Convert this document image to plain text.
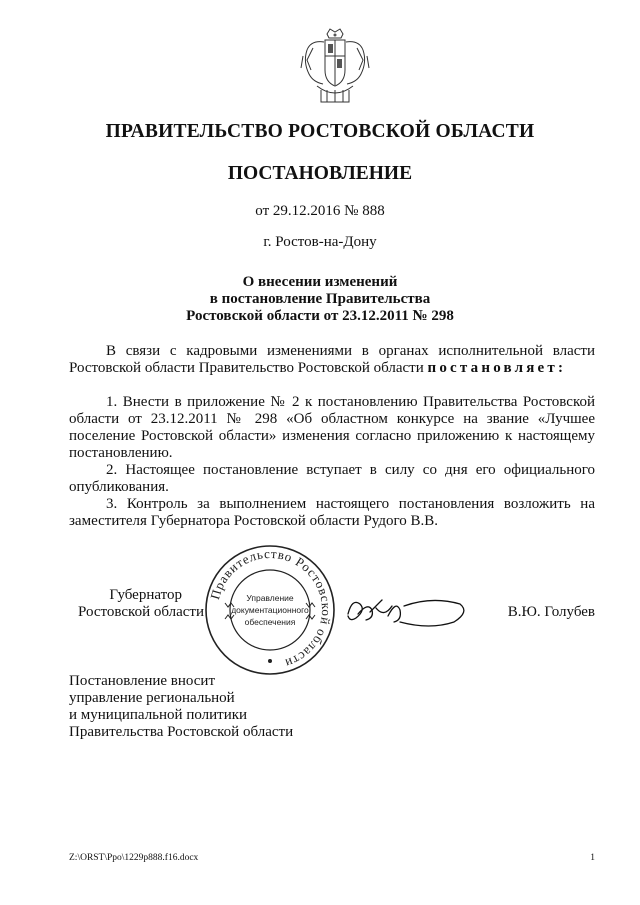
ПРАВИТЕЛЬСТВО РОСТОВСКОЙ ОБЛАСТИ
ПОСТАНОВЛЕНИЕ
от 29.12.2016 № 888
г. Ростов-на-Дону
О внесении изменений
в постановление Правительства
Ростовской области от 23.12.2011 № 298
В связи с кадровыми изменениями в органах исполнительной власти Ростовской области Правительство Ростовской области постановляет:
1. Внести в приложение № 2 к постановлению Правительства Ростовской области от 23.12.2011 № 298 «Об областном конкурсе на звание «Лучшее поселение Ростовской области» изменения согласно приложению к настоящему постановлению.
2. Настоящее постановление вступает в силу со дня его официального опубликования.
3. Контроль за выполнением настоящего постановления возложить на заместителя Губернатора Ростовской области Рудого В.В.
Губернатор
Ростовской области
Правительство Ростовской области
Управление
документационного
обеспечения
В.Ю. Голубев
Постановление вносит
управление региональной
и муниципальной политики
Правительства Ростовской области
Z:\ORST\Ppo\1229p888.f16.docx	1
